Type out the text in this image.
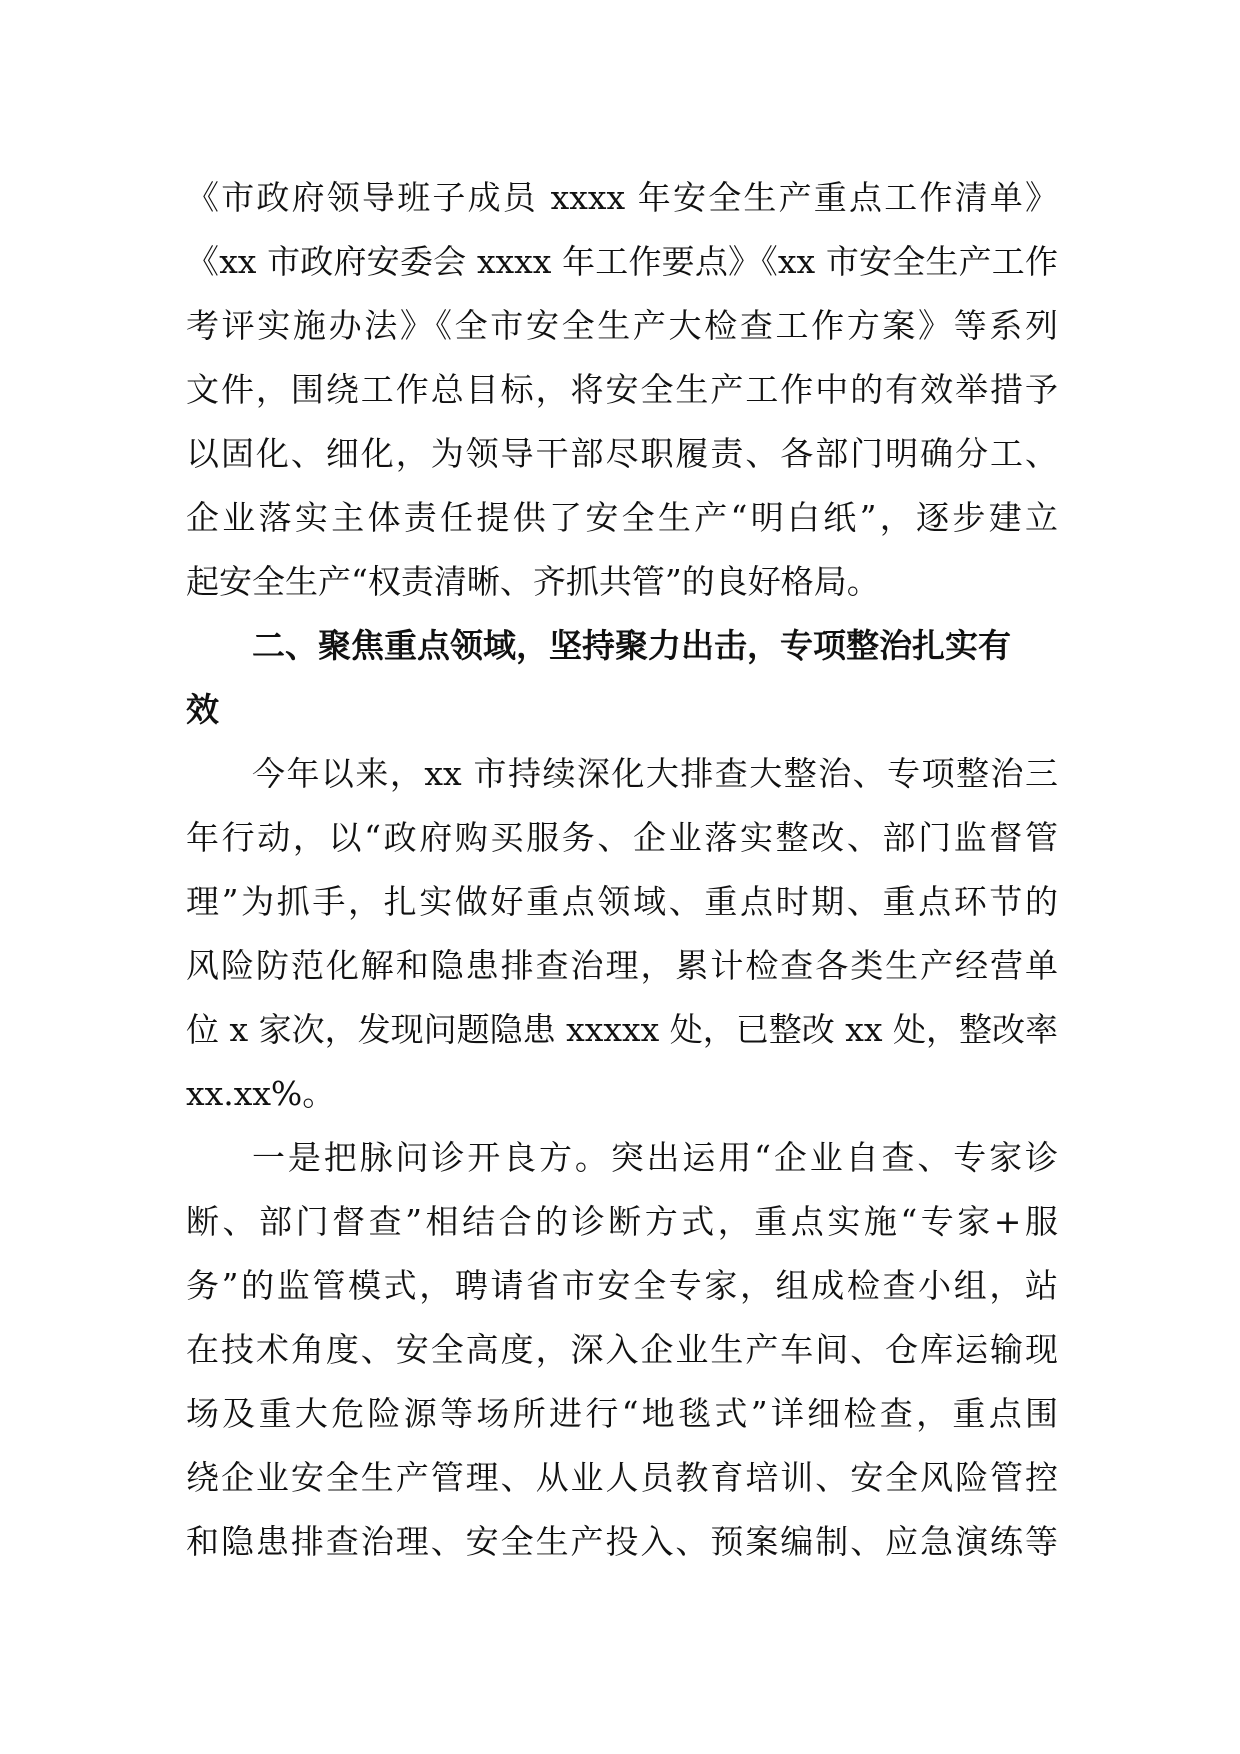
《市政府领导班子成员 xxxx 年安全生产重点工作清单》
《xx 市政府安委会 xxxx 年工作要点》《xx 市安全生产工作
考评实施办法》《全市安全生产大检查工作方案》等系列
文件，围绕工作总目标，将安全生产工作中的有效举措予
以固化、细化，为领导干部尽职履责、各部门明确分工、
企业落实主体责任提供了安全生产“明白纸”，逐步建立
起安全生产“权责清晰、齐抓共管”的良好格局。
二、聚焦重点领域，坚持聚力出击，专项整治扎实有
效
今年以来，xx 市持续深化大排查大整治、专项整治三
年行动，以“政府购买服务、企业落实整改、部门监督管
理”为抓手，扎实做好重点领域、重点时期、重点环节的
风险防范化解和隐患排查治理，累计检查各类生产经营单
位 x 家次，发现问题隐患 xxxxx 处，已整改 xx 处，整改率
xx.xx%。
一是把脉问诊开良方。突出运用“企业自查、专家诊
断、部门督查”相结合的诊断方式，重点实施“专家+服
务”的监管模式，聘请省市安全专家，组成检查小组，站
在技术角度、安全高度，深入企业生产车间、仓库运输现
场及重大危险源等场所进行“地毯式”详细检查，重点围
绕企业安全生产管理、从业人员教育培训、安全风险管控
和隐患排查治理、安全生产投入、预案编制、应急演练等
